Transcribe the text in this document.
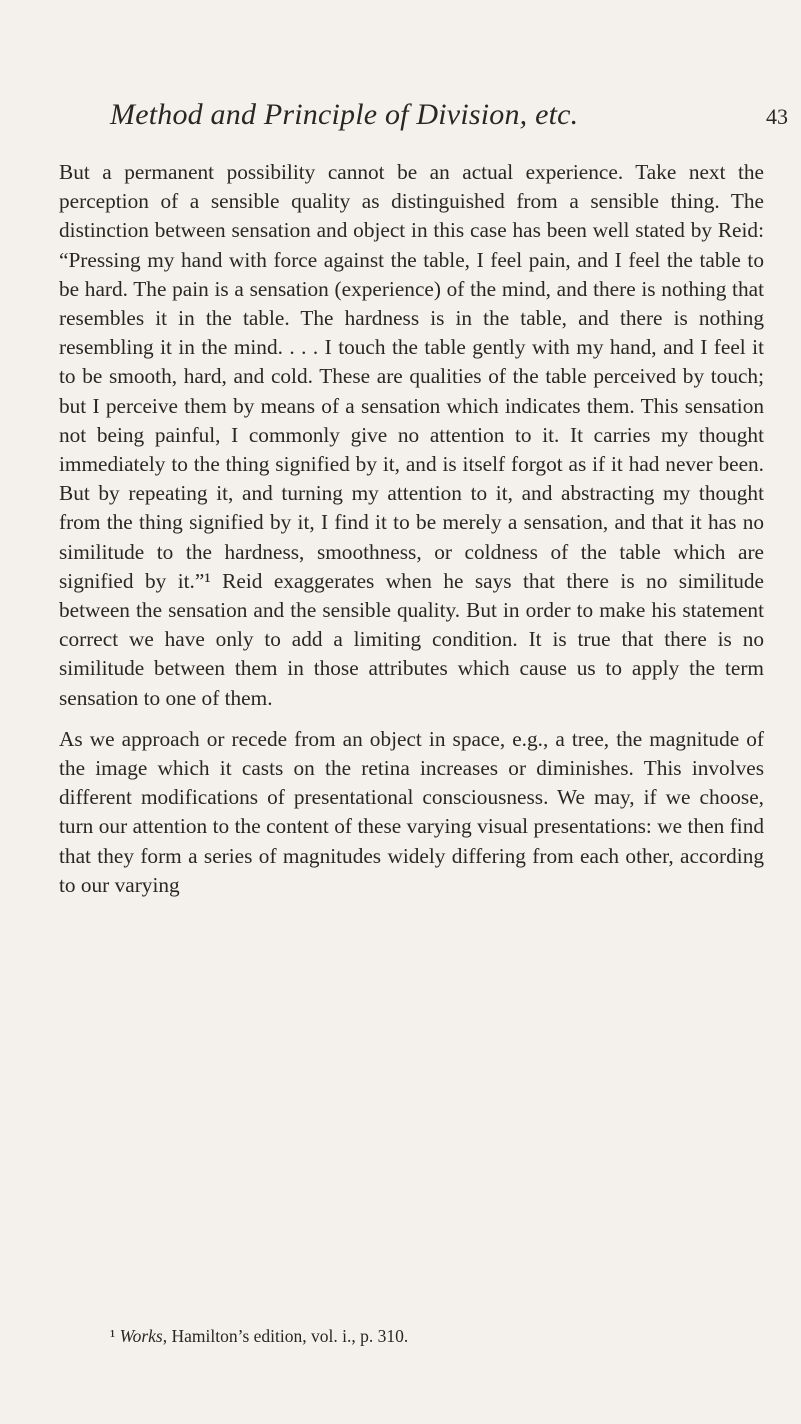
Method and Principle of Division, etc.	43

But a permanent possibility cannot be an actual experience. Take next the perception of a sensible quality as distinguished from a sensible thing. The distinction between sensation and object in this case has been well stated by Reid: “Pressing my hand with force against the table, I feel pain, and I feel the table to be hard. The pain is a sensation (experience) of the mind, and there is nothing that resembles it in the table. The hardness is in the table, and there is nothing resembling it in the mind. . . . I touch the table gently with my hand, and I feel it to be smooth, hard, and cold. These are qualities of the table perceived by touch; but I perceive them by means of a sensation which indicates them. This sensation not being painful, I commonly give no attention to it. It carries my thought immediately to the thing signified by it, and is itself forgot as if it had never been. But by repeating it, and turning my attention to it, and abstracting my thought from the thing signified by it, I find it to be merely a sensation, and that it has no similitude to the hardness, smoothness, or coldness of the table which are signified by it.”¹ Reid exaggerates when he says that there is no similitude between the sensation and the sensible quality. But in order to make his statement correct we have only to add a limiting condition. It is true that there is no similitude between them in those attributes which cause us to apply the term sensation to one of them.

As we approach or recede from an object in space, e.g., a tree, the magnitude of the image which it casts on the retina increases or diminishes. This involves different modifications of presentational consciousness. We may, if we choose, turn our attention to the content of these varying visual presentations: we then find that they form a series of magnitudes widely differing from each other, according to our varying

¹ Works, Hamilton’s edition, vol. i., p. 310.
